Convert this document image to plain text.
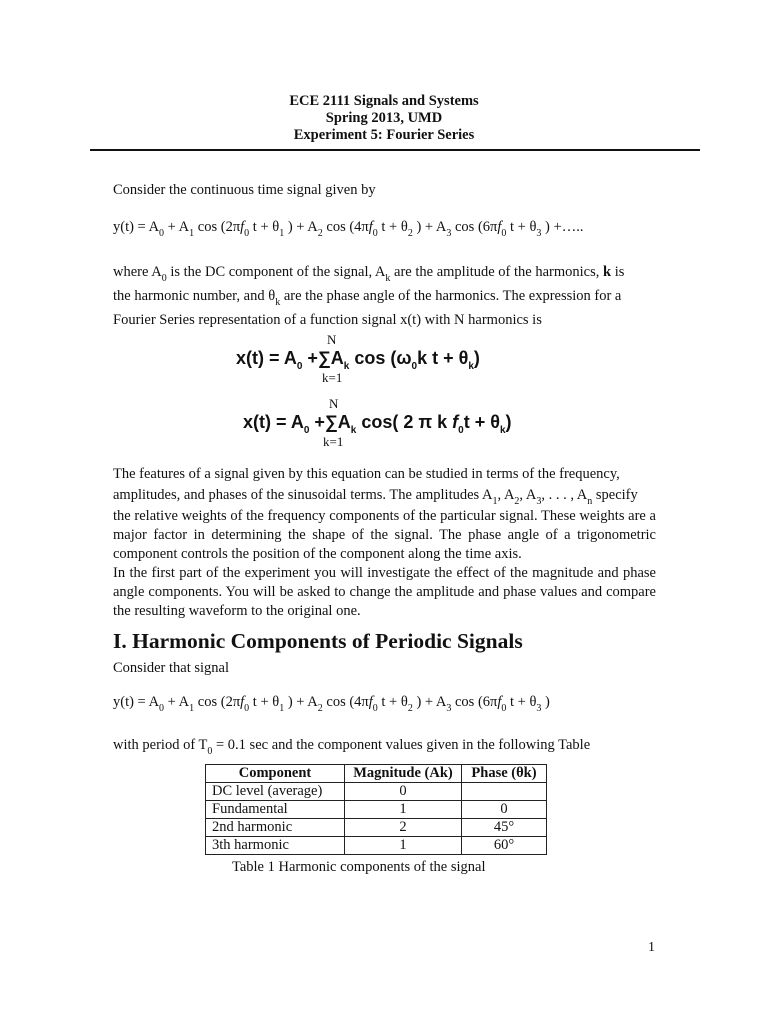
ECE 2111 Signals and Systems
Spring 2013, UMD
Experiment 5: Fourier Series
Consider the continuous time signal given by
$y(t) = A_0 + A_1$ $\cos (2\pi f_0$ $t + \theta_1$ ) + $A_2$ $\cos (4\pi f_0$ $t + \theta_2$ ) + $A_3$ $\cos (6\pi f_0$ $t + \theta_3$ ) +…..
where $A_0$ is the DC component of the signal, $A_k$ are the amplitude of the harmonics, k is
the harmonic number, and $\theta_k$ are the phase angle of the harmonics. The expression for a
Fourier Series representation of a function signal x(t) with N harmonics is
N
$x(t) = A_0 +\sum A_k$ $\cos (\omega_0k$ $t + \theta_k$)
k=1
N
$x(t) = A_0 +\sum A_k$ cos( 2 π k $f_0t + \theta_k$)
k=1
The features of a signal given by this equation can be studied in terms of the frequency,
amplitudes, and phases of the sinusoidal terms. The amplitudes $A_1$, $A_2$, $A_3$, . . . , $A_n$ specify
the relative weights of the frequency components of the particular signal. These weights are a major factor in determining the shape of the signal. The phase angle of a trigonometric component controls the position of the component along the time axis.
In the first part of the experiment you will investigate the effect of the magnitude and phase angle components. You will be asked to change the amplitude and phase values and compare the resulting waveform to the original one.
I. Harmonic Components of Periodic Signals
Consider that signal
$y(t) = A_0 + A_1$ $\cos (2\pi f_0$ $t + \theta_1$ ) + $A_2$ $\cos (4\pi f_0$ $t + \theta_2$ ) + $A_3$ $\cos (6\pi f_0$ $t + \theta_3$ )
with period of $T_0 = 0.1$ sec and the component values given in the following Table
Component	Magnitude (Ak)	Phase (θk)
DC level (average)	0	
Fundamental	1	0
2nd harmonic	2	45°
3th harmonic	1	60°
Table 1 Harmonic components of the signal
1
